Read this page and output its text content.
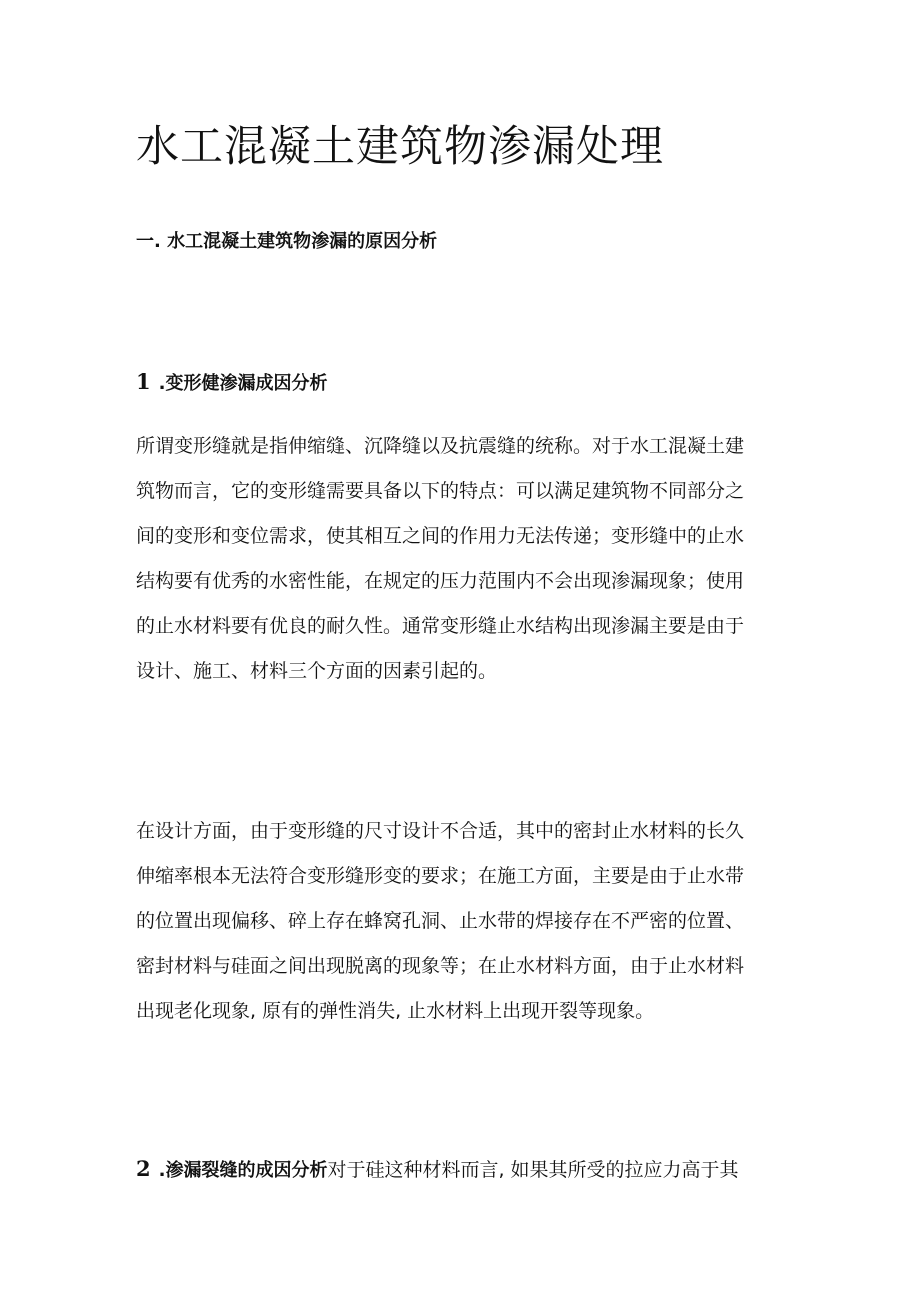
水工混凝土建筑物渗漏处理
一. 水工混凝土建筑物渗漏的原因分析
1 .变形健渗漏成因分析
所谓变形缝就是指伸缩缝、沉降缝以及抗震缝的统称。对于水工混凝土建
筑物而言，它的变形缝需要具备以下的特点：可以满足建筑物不同部分之
间的变形和变位需求，使其相互之间的作用力无法传递；变形缝中的止水
结构要有优秀的水密性能，在规定的压力范围内不会出现渗漏现象；使用
的止水材料要有优良的耐久性。通常变形缝止水结构出现渗漏主要是由于
设计、施工、材料三个方面的因素引起的。
在设计方面，由于变形缝的尺寸设计不合适，其中的密封止水材料的长久
伸缩率根本无法符合变形缝形变的要求；在施工方面，主要是由于止水带
的位置出现偏移、碎上存在蜂窝孔洞、止水带的焊接存在不严密的位置、
密封材料与硅面之间出现脱离的现象等；在止水材料方面，由于止水材料
出现老化现象, 原有的弹性消失, 止水材料上出现开裂等现象。
2 .渗漏裂缝的成因分析对于硅这种材料而言, 如果其所受的拉应力高于其
